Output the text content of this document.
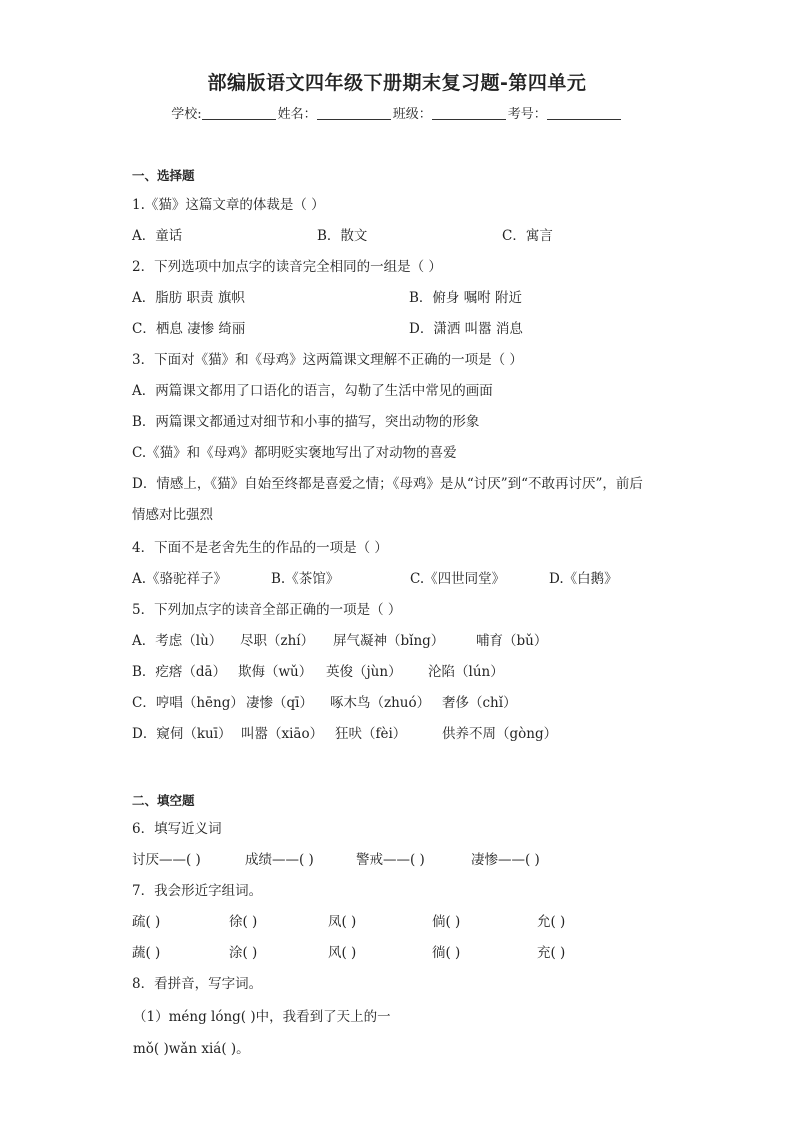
部编版语文四年级下册期末复习题-第四单元
学校:	姓名：	班级：	考号：
一、选择题
1.《猫》这篇文章的体裁是（ ）
A．童话	B．散文	C．寓言
2．下列选项中加点字的读音完全相同的一组是（ ）
A．脂肪 职责 旗帜	B．俯身 嘱咐 附近
C．栖息 凄惨 绮丽	D．潇洒 叫嚣 消息
3．下面对《猫》和《母鸡》这两篇课文理解不正确的一项是（ ）
A．两篇课文都用了口语化的语言，勾勒了生活中常见的画面
B．两篇课文都通过对细节和小事的描写，突出动物的形象
C.《猫》和《母鸡》都明贬实褒地写出了对动物的喜爱
D．情感上，《猫》自始至终都是喜爱之情；《母鸡》是从“讨厌”到“不敢再讨厌”，前后
情感对比强烈
4．下面不是老舍先生的作品的一项是（ ）
A.《骆驼祥子》	B.《茶馆》	C.《四世同堂》	D.《白鹅》
5．下列加点字的读音全部正确的一项是（ ）
A．考虑（lù） 尽职（zhí） 屏气凝神（bǐng） 哺育（bǔ）
B．疙瘩（dā） 欺侮（wǔ） 英俊（jùn） 沦陷（lún）
C．哼唱（hēng） 凄惨（qī） 啄木鸟（zhuó） 奢侈（chǐ）
D．窥伺（kuī） 叫嚣（xiāo） 狂吠（fèi）	供养不周（gòng）
二、填空题
6．填写近义词
讨厌——( )	成绩——( )	警戒——( )	凄惨——( )
7．我会形近字组词。
疏( )	徐( )	凤( )	倘( )	允( )
蔬( )	涂( )	风( )	徜( )	充( )
8．看拼音，写字词。
（1）méng lóng( )中，我看到了天上的一
mǒ( )wǎn xiá( )。
